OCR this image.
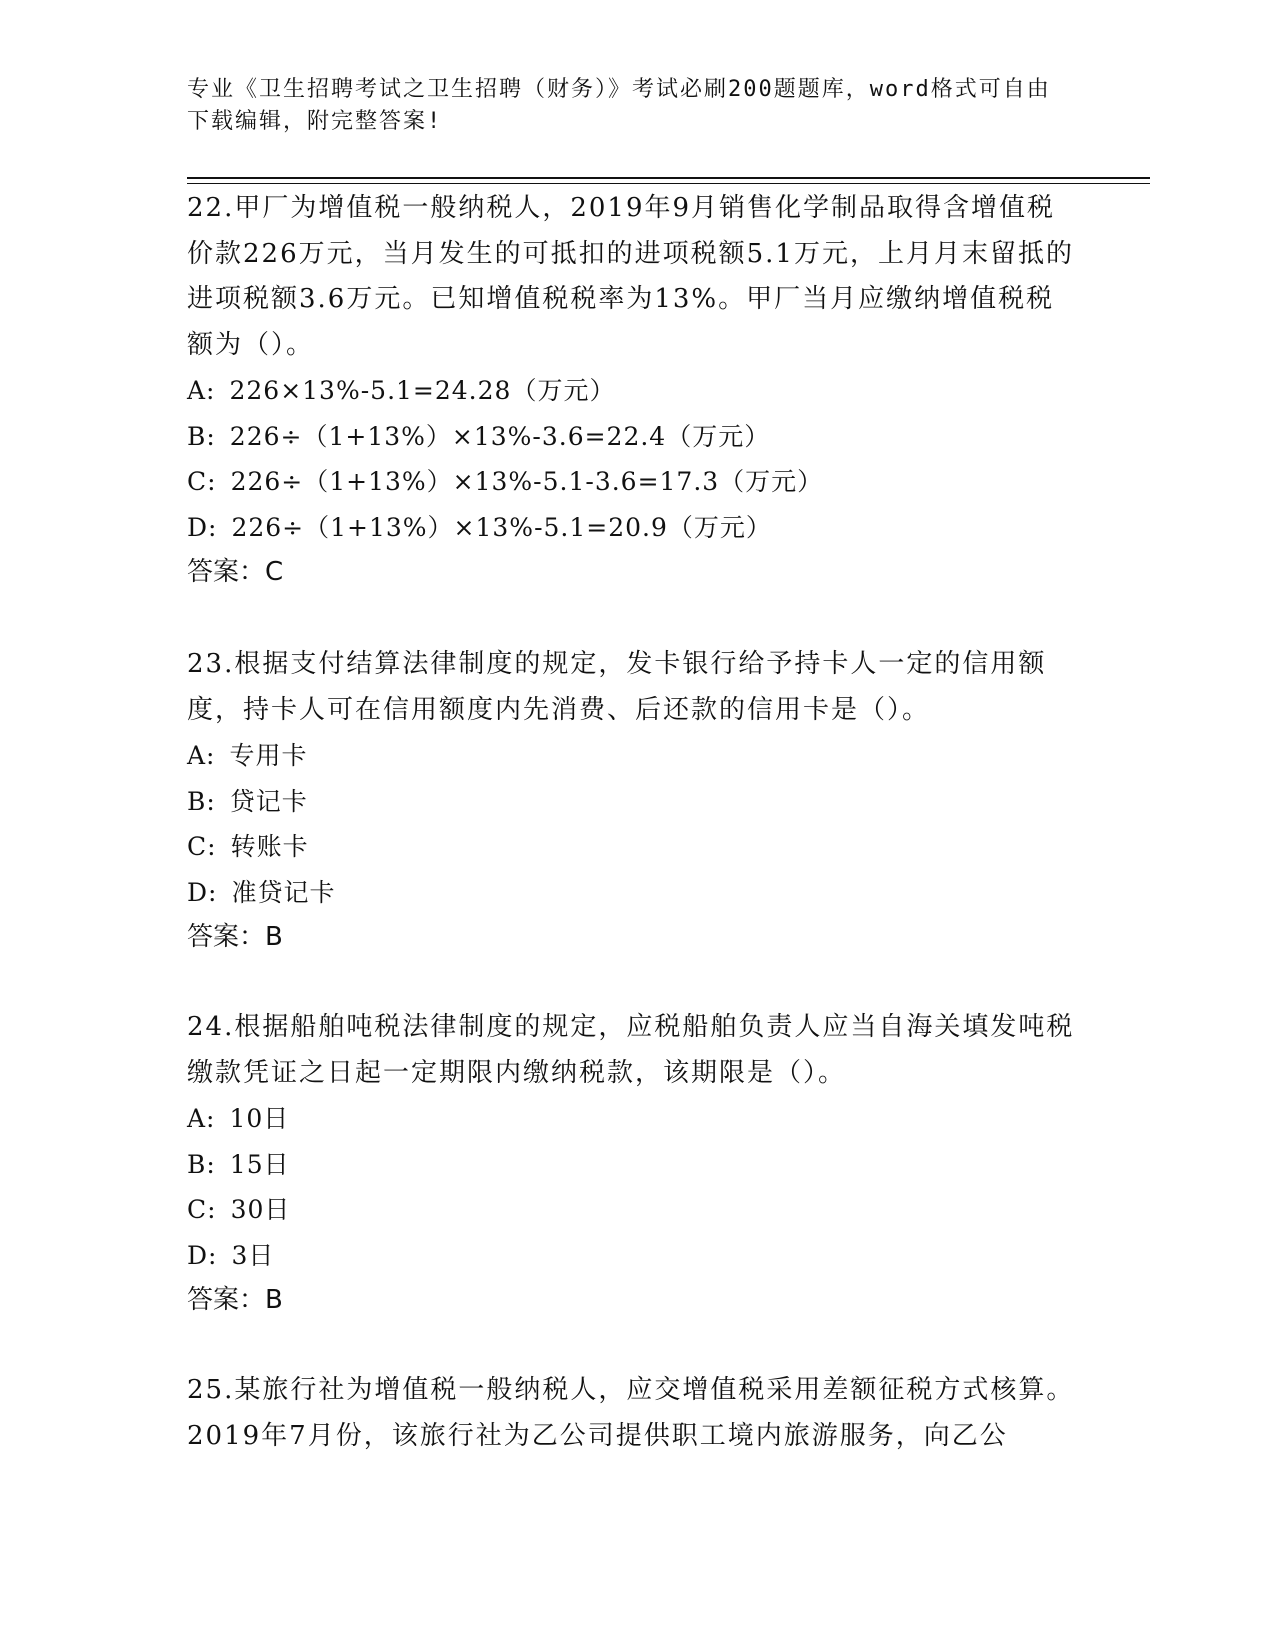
专业《卫生招聘考试之卫生招聘（财务）》考试必刷200题题库，word格式可自由下载编辑，附完整答案!

22.甲厂为增值税一般纳税人，2019年9月销售化学制品取得含增值税价款226万元，当月发生的可抵扣的进项税额5.1万元，上月月末留抵的进项税额3.6万元。已知增值税税率为13%。甲厂当月应缴纳增值税税额为（）。

A: 226×13%-5.1=24.28（万元）

B: 226÷（1+13%）×13%-3.6=22.4（万元）

C: 226÷（1+13%）×13%-5.1-3.6=17.3（万元）

D: 226÷（1+13%）×13%-5.1=20.9（万元）

答案：C

23.根据支付结算法律制度的规定，发卡银行给予持卡人一定的信用额度，持卡人可在信用额度内先消费、后还款的信用卡是（）。

A: 专用卡

B: 贷记卡

C: 转账卡

D: 准贷记卡

答案：B

24.根据船舶吨税法律制度的规定，应税船舶负责人应当自海关填发吨税缴款凭证之日起一定期限内缴纳税款，该期限是（）。

A: 10日

B: 15日

C: 30日

D: 3日

答案：B

25.某旅行社为增值税一般纳税人，应交增值税采用差额征税方式核算。2019年7月份，该旅行社为乙公司提供职工境内旅游服务，向乙公
